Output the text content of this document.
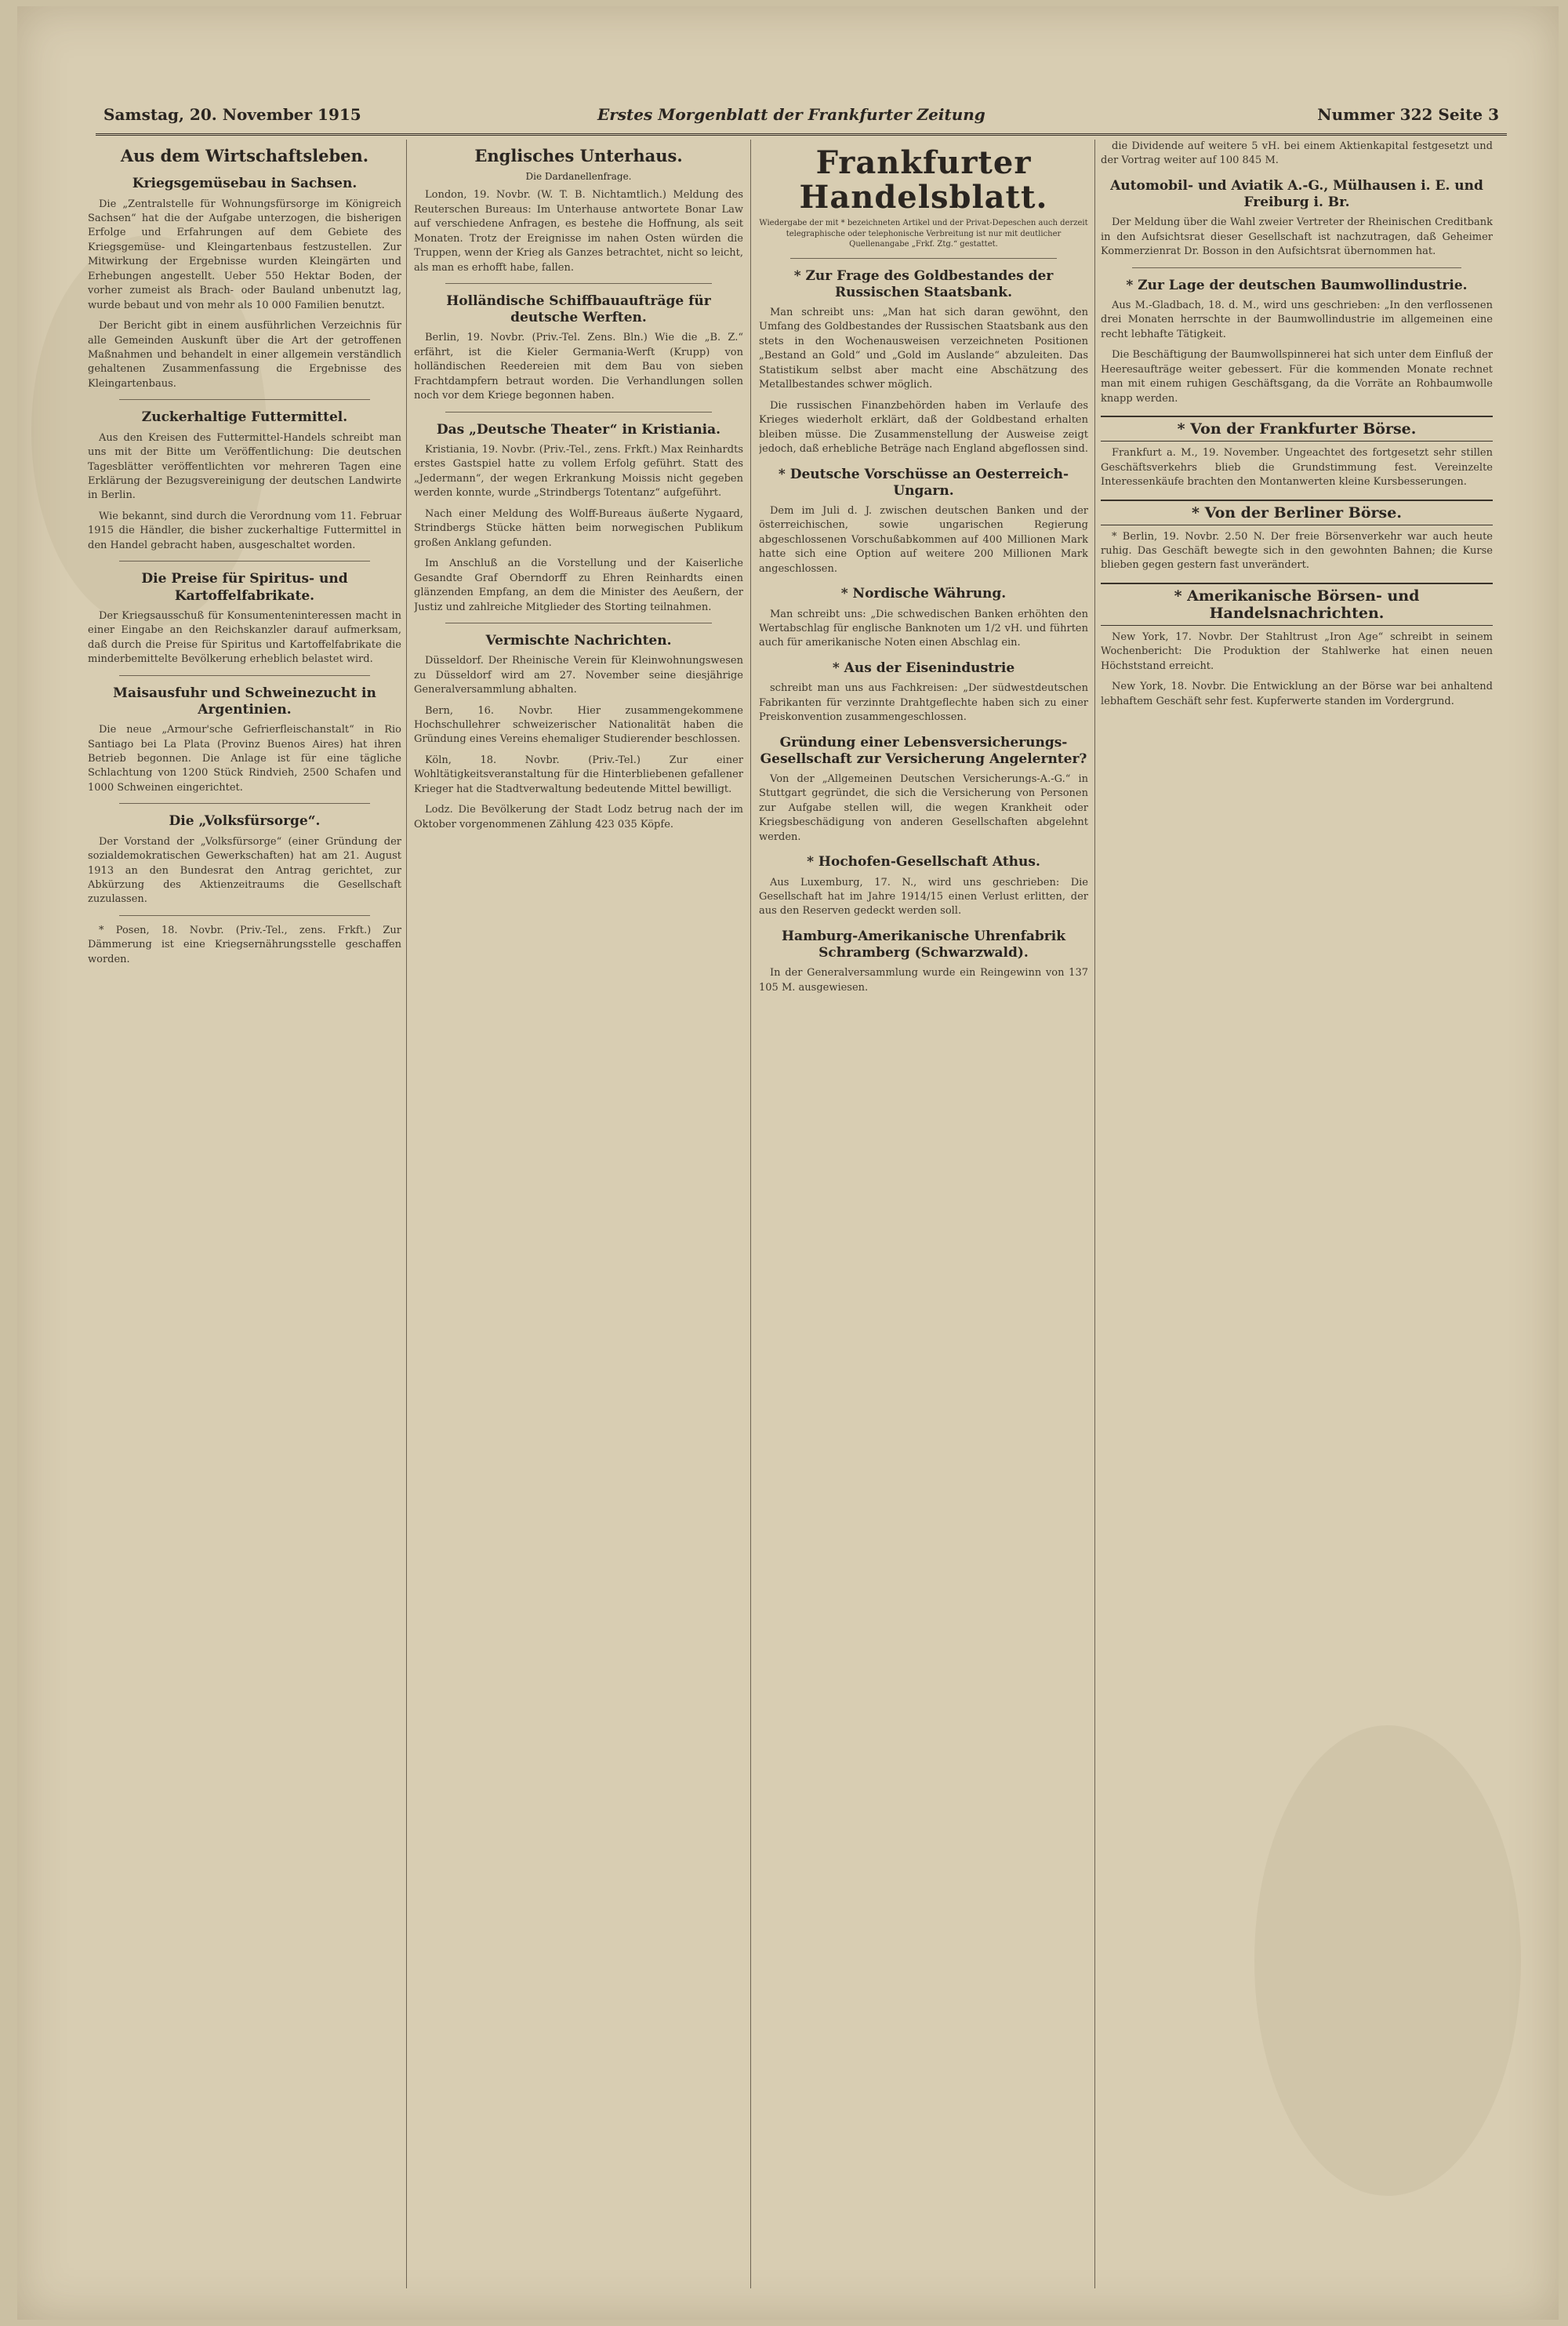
Samstag, 20. November 1915	Erstes Morgenblatt der Frankfurter Zeitung	Nummer 322 Seite 3
Aus dem Wirtschaftsleben.
Kriegsgemüsebau in Sachsen.

Die „Zentralstelle für Wohnungsfürsorge im Königreich Sachsen“ hat die der Aufgabe unterzogen, die bisherigen Erfolge und Erfahrungen auf dem Gebiete des Kriegsgemüse- und Kleingartenbaus festzustellen. Zur Mitwirkung der Ergebnisse wurden Kleingärten und Erhebungen angestellt. Ueber 550 Hektar Boden, der vorher zumeist als Brach- oder Bauland unbenutzt lag, wurde bebaut und von mehr als 10 000 Familien benutzt.

Der Bericht gibt in einem ausführlichen Verzeichnis für alle Gemeinden Auskunft über die Art der getroffenen Maßnahmen und behandelt in einer allgemein verständlich gehaltenen Zusammenfassung die Ergebnisse des Kleingartenbaus.

Zuckerhaltige Futtermittel.

Aus den Kreisen des Futtermittel-Handels schreibt man uns mit der Bitte um Veröffentlichung: Die deutschen Tagesblätter veröffentlichten vor mehreren Tagen eine Erklärung der Bezugsvereinigung der deutschen Landwirte in Berlin.

Wie bekannt, sind durch die Verordnung vom 11. Februar 1915 die Händler, die bisher zuckerhaltige Futtermittel in den Handel gebracht haben, ausgeschaltet worden.

Die Preise für Spiritus- und Kartoffelfabrikate.

Der Kriegsausschuß für Konsumenteninteressen macht in einer Eingabe an den Reichskanzler darauf aufmerksam, daß durch die Preise für Spiritus und Kartoffelfabrikate die minderbemittelte Bevölkerung erheblich belastet wird.

Maisausfuhr und Schweinezucht in Argentinien.

Die neue „Armour'sche Gefrierfleischanstalt“ in Rio Santiago bei La Plata (Provinz Buenos Aires) hat ihren Betrieb begonnen. Die Anlage ist für eine tägliche Schlachtung von 1200 Stück Rindvieh, 2500 Schafen und 1000 Schweinen eingerichtet.

Die „Volksfürsorge“.

Der Vorstand der „Volksfürsorge“ (einer Gründung der sozialdemokratischen Gewerkschaften) hat am 21. August 1913 an den Bundesrat den Antrag gerichtet, zur Abkürzung des Aktienzeitraums die Gesellschaft zuzulassen.

* Posen, 18. Novbr. (Priv.-Tel., zens. Frkft.) Zur Dämmerung ist eine Kriegsernährungsstelle geschaffen worden.

Englisches Unterhaus.
Die Dardanellenfrage.

London, 19. Novbr. (W. T. B. Nichtamtlich.) Meldung des Reuterschen Bureaus: Im Unterhause antwortete Bonar Law auf verschiedene Anfragen, es bestehe die Hoffnung, als seit Monaten. Trotz der Ereignisse im nahen Osten würden die Truppen, wenn der Krieg als Ganzes betrachtet, nicht so leicht, als man es erhofft habe, fallen.

Holländische Schiffbauaufträge für deutsche Werften.

Berlin, 19. Novbr. (Priv.-Tel. Zens. Bln.) Wie die „B. Z.“ erfährt, ist die Kieler Germania-Werft (Krupp) von holländischen Reedereien mit dem Bau von sieben Frachtdampfern betraut worden. Die Verhandlungen sollen noch vor dem Kriege begonnen haben.

Das „Deutsche Theater“ in Kristiania.

Kristiania, 19. Novbr. (Priv.-Tel., zens. Frkft.) Max Reinhardts erstes Gastspiel hatte zu vollem Erfolg geführt. Statt des „Jedermann“, der wegen Erkrankung Moissis nicht gegeben werden konnte, wurde „Strindbergs Totentanz“ aufgeführt.

Nach einer Meldung des Wolff-Bureaus äußerte Nygaard, Strindbergs Stücke hätten beim norwegischen Publikum großen Anklang gefunden.

Im Anschluß an die Vorstellung und der Kaiserliche Gesandte Graf Oberndorff zu Ehren Reinhardts einen glänzenden Empfang, an dem die Minister des Aeußern, der Justiz und zahlreiche Mitglieder des Storting teilnahmen.

Vermischte Nachrichten.

Düsseldorf. Der Rheinische Verein für Kleinwohnungswesen zu Düsseldorf wird am 27. November seine diesjährige Generalversammlung abhalten.

Bern, 16. Novbr. Hier zusammengekommene Hochschullehrer schweizerischer Nationalität haben die Gründung eines Vereins ehemaliger Studierender beschlossen.

Köln, 18. Novbr. (Priv.-Tel.) Zur einer Wohltätigkeitsveranstaltung für die Hinterbliebenen gefallener Krieger hat die Stadtverwaltung bedeutende Mittel bewilligt.

Lodz. Die Bevölkerung der Stadt Lodz betrug nach der im Oktober vorgenommenen Zählung 423 035 Köpfe.

Frankfurter Handelsblatt.
Wiedergabe der mit * bezeichneten Artikel und der Privat-Depeschen auch derzeit telegraphische oder telephonische Verbreitung ist nur mit deutlicher Quellenangabe „Frkf. Ztg.“ gestattet.
* Zur Frage des Goldbestandes der Russischen Staatsbank.

Man schreibt uns: „Man hat sich daran gewöhnt, den Umfang des Goldbestandes der Russischen Staatsbank aus den stets in den Wochenausweisen verzeichneten Positionen „Bestand an Gold“ und „Gold im Auslande“ abzuleiten. Das Statistikum selbst aber macht eine Abschätzung des Metallbestandes schwer möglich.

Die russischen Finanzbehörden haben im Verlaufe des Krieges wiederholt erklärt, daß der Goldbestand erhalten bleiben müsse. Die Zusammenstellung der Ausweise zeigt jedoch, daß erhebliche Beträge nach England abgeflossen sind.

* Deutsche Vorschüsse an Oesterreich-Ungarn.

Dem im Juli d. J. zwischen deutschen Banken und der österreichischen, sowie ungarischen Regierung abgeschlossenen Vorschußabkommen auf 400 Millionen Mark hatte sich eine Option auf weitere 200 Millionen Mark angeschlossen.

* Nordische Währung.

Man schreibt uns: „Die schwedischen Banken erhöhten den Wertabschlag für englische Banknoten um 1/2 vH. und führten auch für amerikanische Noten einen Abschlag ein.

* Aus der Eisenindustrie

schreibt man uns aus Fachkreisen: „Der südwestdeutschen Fabrikanten für verzinnte Drahtgeflechte haben sich zu einer Preiskonvention zusammengeschlossen.

Gründung einer Lebensversicherungs-Gesellschaft zur Versicherung Angelernter?

Von der „Allgemeinen Deutschen Versicherungs-A.-G.“ in Stuttgart gegründet, die sich die Versicherung von Personen zur Aufgabe stellen will, die wegen Krankheit oder Kriegsbeschädigung von anderen Gesellschaften abgelehnt werden.

* Hochofen-Gesellschaft Athus.

Aus Luxemburg, 17. N., wird uns geschrieben: Die Gesellschaft hat im Jahre 1914/15 einen Verlust erlitten, der aus den Reserven gedeckt werden soll.

Hamburg-Amerikanische Uhrenfabrik Schramberg (Schwarzwald).

In der Generalversammlung wurde ein Reingewinn von 137 105 M. ausgewiesen.

die Dividende auf weitere 5 vH. bei einem Aktienkapital festgesetzt und der Vortrag weiter auf 100 845 M.

Automobil- und Aviatik A.-G., Mülhausen i. E. und Freiburg i. Br.

Der Meldung über die Wahl zweier Vertreter der Rheinischen Creditbank in den Aufsichtsrat dieser Gesellschaft ist nachzutragen, daß Geheimer Kommerzienrat Dr. Bosson in den Aufsichtsrat übernommen hat.

* Zur Lage der deutschen Baumwollindustrie.

Aus M.-Gladbach, 18. d. M., wird uns geschrieben: „In den verflossenen drei Monaten herrschte in der Baumwollindustrie im allgemeinen eine recht lebhafte Tätigkeit.

Die Beschäftigung der Baumwollspinnerei hat sich unter dem Einfluß der Heeresaufträge weiter gebessert. Für die kommenden Monate rechnet man mit einem ruhigen Geschäftsgang, da die Vorräte an Rohbaumwolle knapp werden.

* Von der Frankfurter Börse.

Frankfurt a. M., 19. November. Ungeachtet des fortgesetzt sehr stillen Geschäftsverkehrs blieb die Grundstimmung fest. Vereinzelte Interessenkäufe brachten den Montanwerten kleine Kursbesserungen.

* Von der Berliner Börse.

* Berlin, 19. Novbr. 2.50 N. Der freie Börsenverkehr war auch heute ruhig. Das Geschäft bewegte sich in den gewohnten Bahnen; die Kurse blieben gegen gestern fast unverändert.

* Amerikanische Börsen- und Handelsnachrichten.

New York, 17. Novbr. Der Stahltrust „Iron Age“ schreibt in seinem Wochenbericht: Die Produktion der Stahlwerke hat einen neuen Höchststand erreicht.

New York, 18. Novbr. Die Entwicklung an der Börse war bei anhaltend lebhaftem Geschäft sehr fest. Kupferwerte standen im Vordergrund.
